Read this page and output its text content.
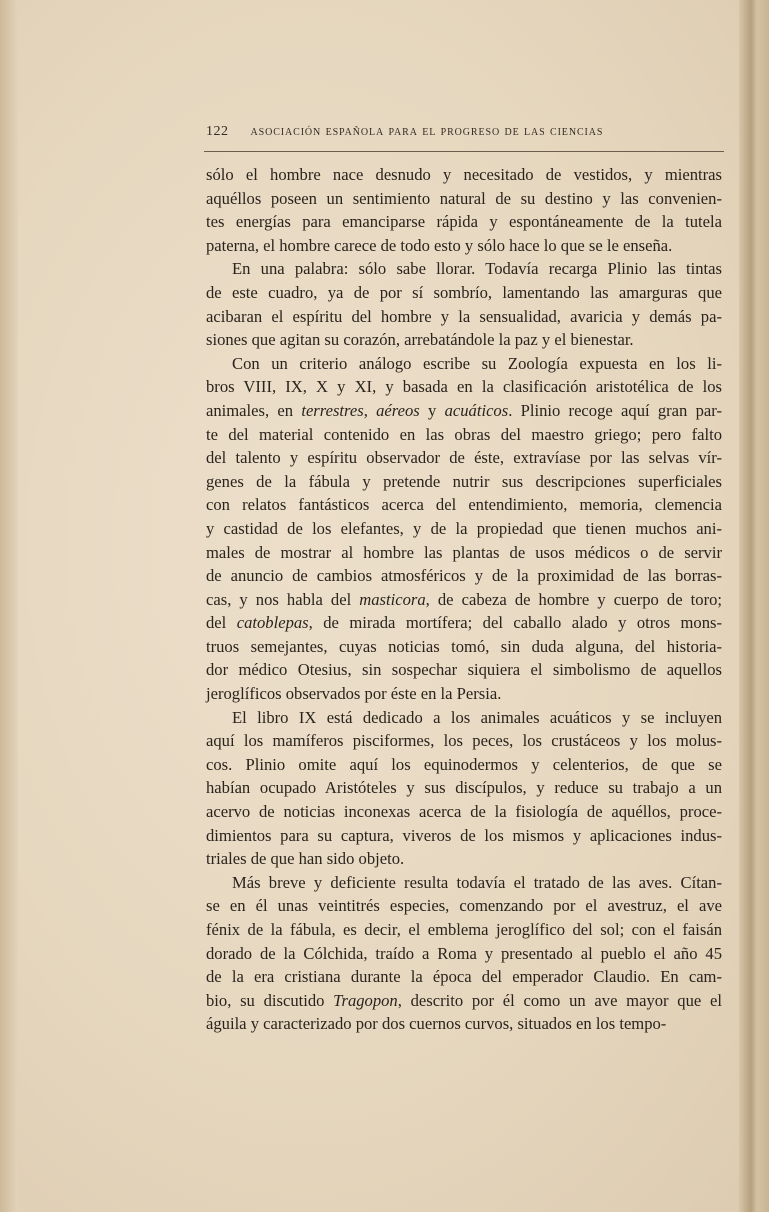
122 asociación española para el progreso de las ciencias
sólo el hombre nace desnudo y necesitado de vestidos, y mientras
aquéllos poseen un sentimiento natural de su destino y las convenien-
tes energías para emanciparse rápida y espontáneamente de la tutela
paterna, el hombre carece de todo esto y sólo hace lo que se le enseña.
En una palabra: sólo sabe llorar. Todavía recarga Plinio las tintas
de este cuadro, ya de por sí sombrío, lamentando las amarguras que
acibaran el espíritu del hombre y la sensualidad, avaricia y demás pa-
siones que agitan su corazón, arrebatándole la paz y el bienestar.
Con un criterio análogo escribe su Zoología expuesta en los li-
bros VIII, IX, X y XI, y basada en la clasificación aristotélica de los
animales, en terrestres, aéreos y acuáticos. Plinio recoge aquí gran par-
te del material contenido en las obras del maestro griego; pero falto
del talento y espíritu observador de éste, extravíase por las selvas vír-
genes de la fábula y pretende nutrir sus descripciones superficiales
con relatos fantásticos acerca del entendimiento, memoria, clemencia
y castidad de los elefantes, y de la propiedad que tienen muchos ani-
males de mostrar al hombre las plantas de usos médicos o de servir
de anuncio de cambios atmosféricos y de la proximidad de las borras-
cas, y nos habla del masticora, de cabeza de hombre y cuerpo de toro;
del catoblepas, de mirada mortífera; del caballo alado y otros mons-
truos semejantes, cuyas noticias tomó, sin duda alguna, del historia-
dor médico Otesius, sin sospechar siquiera el simbolismo de aquellos
jeroglíficos observados por éste en la Persia.
El libro IX está dedicado a los animales acuáticos y se incluyen
aquí los mamíferos pisciformes, los peces, los crustáceos y los molus-
cos. Plinio omite aquí los equinodermos y celenterios, de que se
habían ocupado Aristóteles y sus discípulos, y reduce su trabajo a un
acervo de noticias inconexas acerca de la fisiología de aquéllos, proce-
dimientos para su captura, viveros de los mismos y aplicaciones indus-
triales de que han sido objeto.
Más breve y deficiente resulta todavía el tratado de las aves. Cítan-
se en él unas veintitrés especies, comenzando por el avestruz, el ave
fénix de la fábula, es decir, el emblema jeroglífico del sol; con el faisán
dorado de la Cólchida, traído a Roma y presentado al pueblo el año 45
de la era cristiana durante la época del emperador Claudio. En cam-
bio, su discutido Tragopon, descrito por él como un ave mayor que el
águila y caracterizado por dos cuernos curvos, situados en los tempo-
